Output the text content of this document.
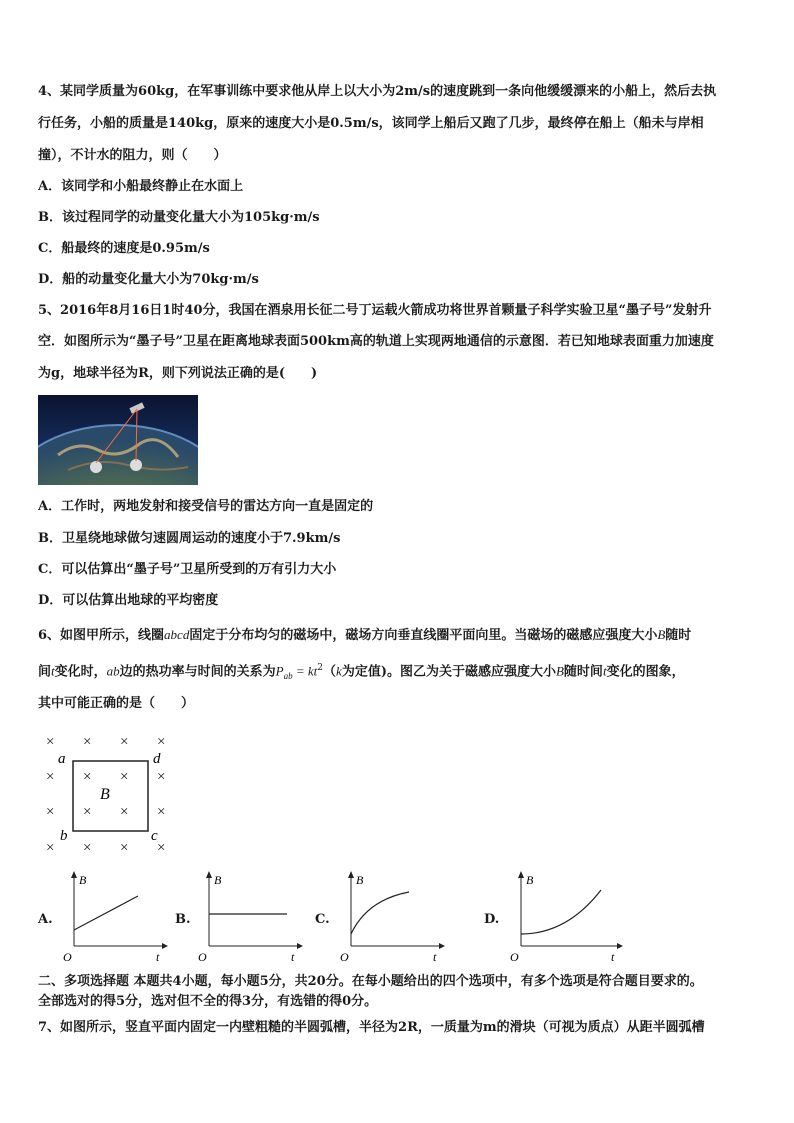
4、某同学质量为60kg，在军事训练中要求他从岸上以大小为2m/s的速度跳到一条向他缓缓漂来的小船上，然后去执
行任务，小船的质量是140kg，原来的速度大小是0.5m/s，该同学上船后又跑了几步，最终停在船上（船未与岸相
撞），不计水的阻力，则（　　）
A．该同学和小船最终静止在水面上
B．该过程同学的动量变化量大小为105kg·m/s
C．船最终的速度是0.95m/s
D．船的动量变化量大小为70kg·m/s
5、2016年8月16日1时40分，我国在酒泉用长征二号丁运载火箭成功将世界首颗量子科学实验卫星“墨子号”发射升
空．如图所示为“墨子号”卫星在距离地球表面500km高的轨道上实现两地通信的示意图．若已知地球表面重力加速度
为g，地球半径为R，则下列说法正确的是(　　)
A．工作时，两地发射和接受信号的雷达方向一直是固定的
B．卫星绕地球做匀速圆周运动的速度小于7.9km/s
C．可以估算出“墨子号”卫星所受到的万有引力大小
D．可以估算出地球的平均密度
6、如图甲所示，线圈abcd固定于分布均匀的磁场中，磁场方向垂直线圈平面向里。当磁场的磁感应强度大小B随时
间t变化时，ab边的热功率与时间的关系为$P_{ab} = kt^2(k$为定值)。图乙为关于磁感应强度大小B随时间t变化的图象，
其中可能正确的是（　　）
× × × ×
× × × ×
× × × ×
× × × ×
a	d
b	c
B
A.
B
t
O
B.
B
t
O
C.
B
t
O
D.
B
t
O
二、多项选择题 本题共4小题，每小题5分，共20分。在每小题给出的四个选项中，有多个选项是符合题目要求的。
全部选对的得5分，选对但不全的得3分，有选错的得0分。
7、如图所示，竖直平面内固定一内壁粗糙的半圆弧槽，半径为2R，一质量为m的滑块（可视为质点）从距半圆弧槽
